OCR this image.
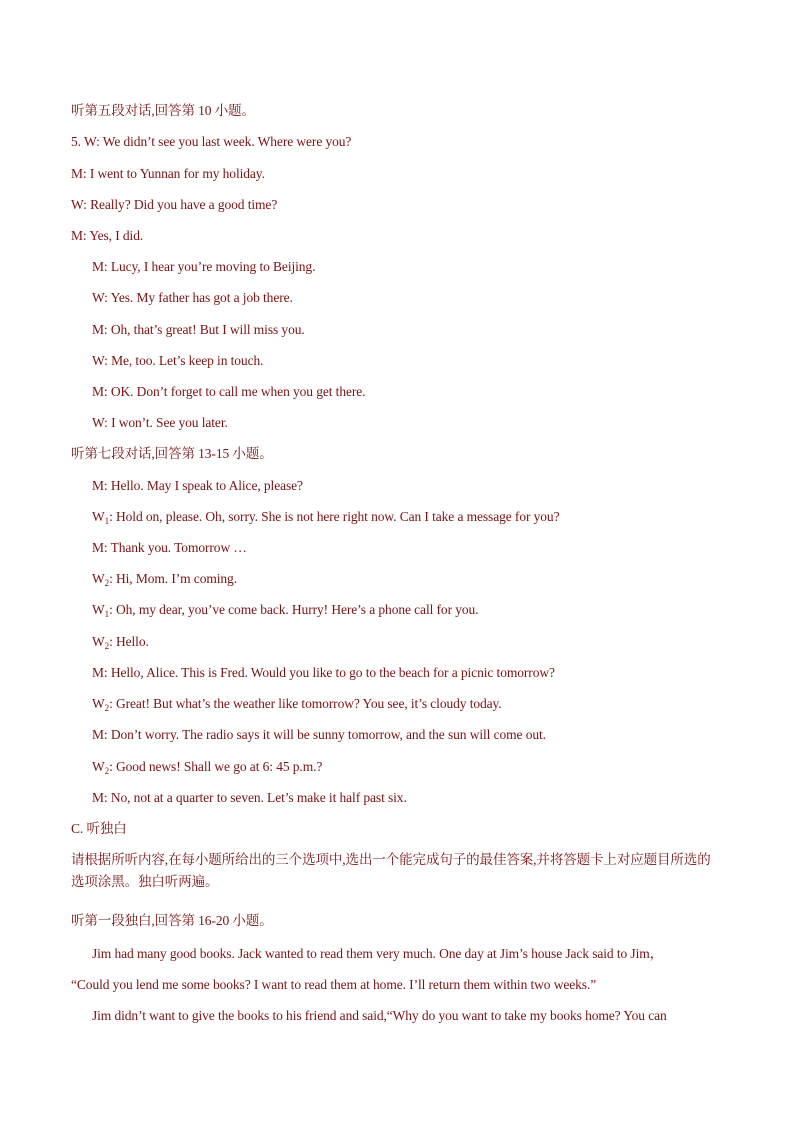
听第五段对话,回答第 10 小题。
5. W: We didn’t see you last week. Where were you?
M: I went to Yunnan for my holiday.
W: Really? Did you have a good time?
M: Yes, I did.
M: Lucy, I hear you’re moving to Beijing.
W: Yes. My father has got a job there.
M: Oh, that’s great! But I will miss you.
W: Me, too. Let’s keep in touch.
M: OK. Don’t forget to call me when you get there.
W: I won’t. See you later.
听第七段对话,回答第 13-15 小题。
M: Hello. May I speak to Alice, please?
$W_1$: Hold on, please. Oh, sorry. She is not here right now. Can I take a message for you?
M: Thank you. Tomorrow …
$W_2$: Hi, Mom. I’m coming.
$W_1$: Oh, my dear, you’ve come back. Hurry! Here’s a phone call for you.
$W_2$: Hello.
M: Hello, Alice. This is Fred. Would you like to go to the beach for a picnic tomorrow?
$W_2$: Great! But what’s the weather like tomorrow? You see, it’s cloudy today.
M: Don’t worry. The radio says it will be sunny tomorrow, and the sun will come out.
$W_2$: Good news! Shall we go at 6: 45 p.m.?
M: No, not at a quarter to seven. Let’s make it half past six.
C. 听独白
请根据所听内容,在每小题所给出的三个选项中,选出一个能完成句子的最佳答案,并将答题卡上对应题目所选的选项涂黑。独白听两遍。
听第一段独白,回答第 16-20 小题。
Jim had many good books. Jack wanted to read them very much. One day at Jim’s house Jack said to Jim，
“Could you lend me some books? I want to read them at home. I’ll return them within two weeks.”
Jim didn’t want to give the books to his friend and said,“Why do you want to take my books home? You can
